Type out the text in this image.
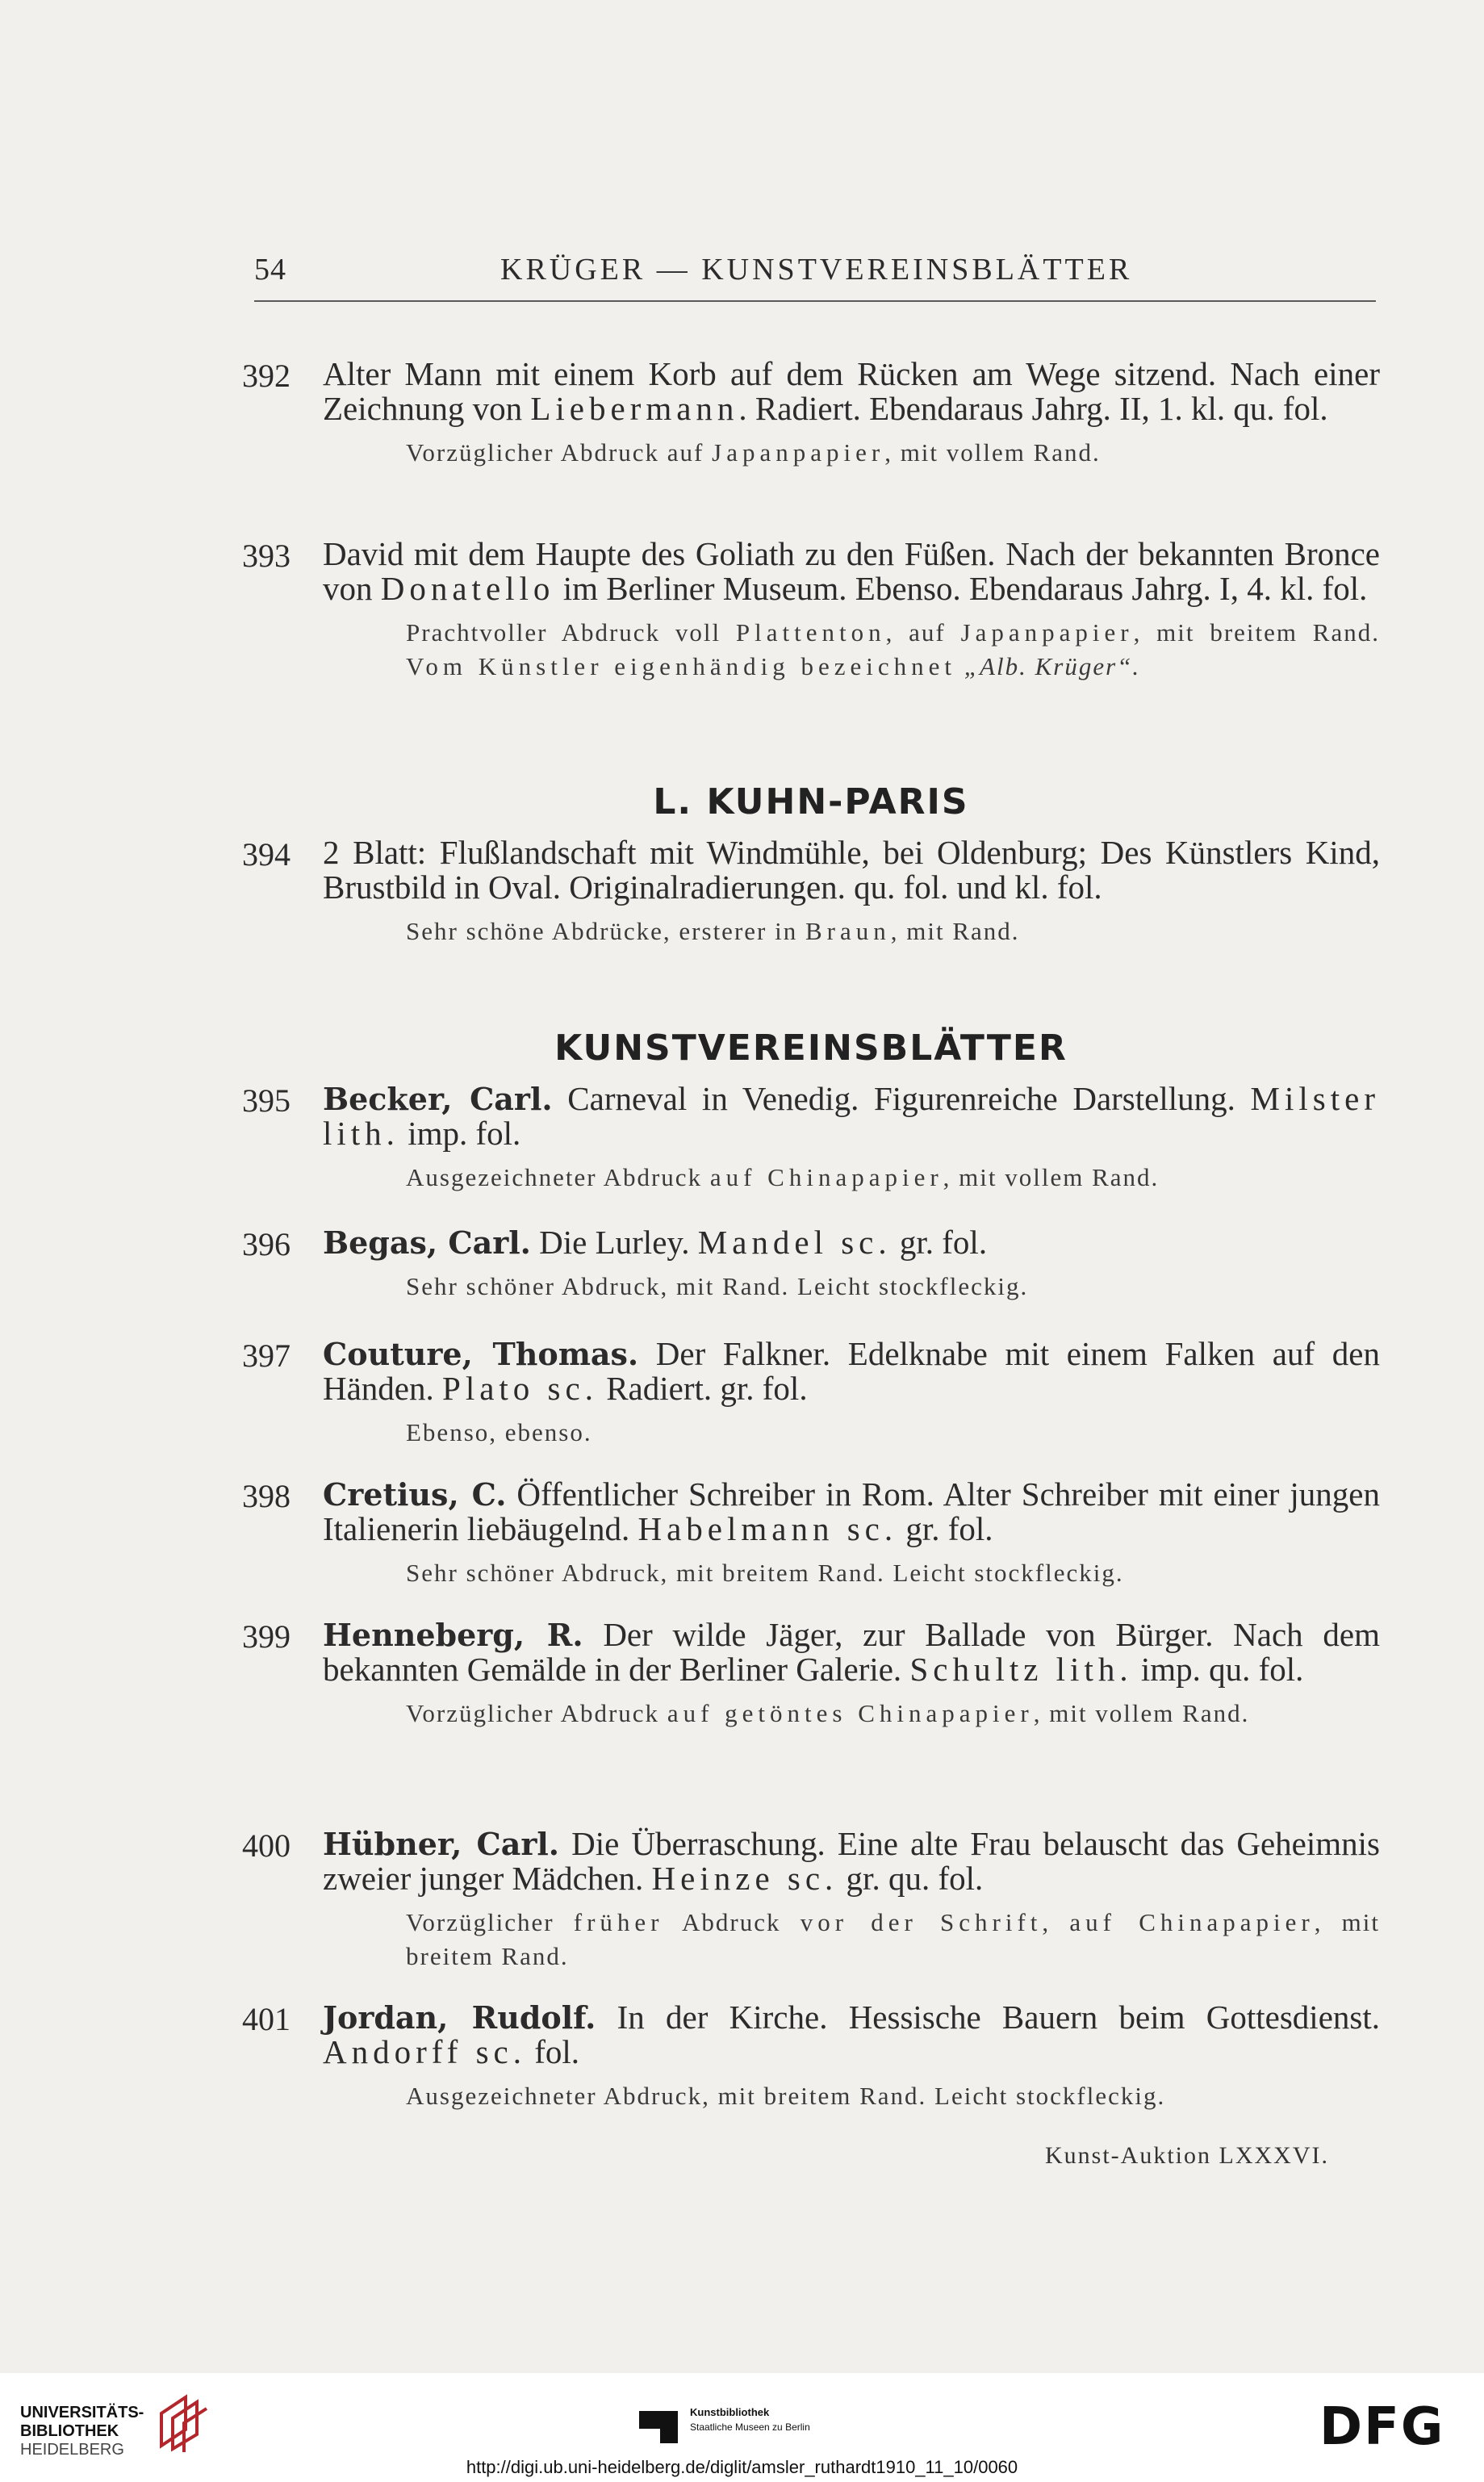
54	KRÜGER — KUNSTVEREINSBLÄTTER
392 Alter Mann mit einem Korb auf dem Rücken am Wege sitzend. Nach einer Zeichnung von Liebermann. Radiert. Ebendaraus Jahrg. II, 1. kl. qu. fol.
Vorzüglicher Abdruck auf Japanpapier, mit vollem Rand.
393 David mit dem Haupte des Goliath zu den Füßen. Nach der bekannten Bronce von Donatello im Berliner Museum. Ebenso. Ebendaraus Jahrg. I, 4. kl. fol.
Prachtvoller Abdruck voll Plattenton, auf Japanpapier, mit breitem Rand. Vom Künstler eigenhändig bezeichnet „Alb. Krüger“.
L. KUHN-PARIS
394 2 Blatt: Flußlandschaft mit Windmühle, bei Oldenburg; Des Künstlers Kind, Brustbild in Oval. Originalradierungen. qu. fol. und kl. fol.
Sehr schöne Abdrücke, ersterer in Braun, mit Rand.
KUNSTVEREINSBLÄTTER
395 Becker, Carl. Carneval in Venedig. Figurenreiche Darstellung. Milster lith. imp. fol.
Ausgezeichneter Abdruck auf Chinapapier, mit vollem Rand.
396 Begas, Carl. Die Lurley. Mandel sc. gr. fol.
Sehr schöner Abdruck, mit Rand. Leicht stockfleckig.
397 Couture, Thomas. Der Falkner. Edelknabe mit einem Falken auf den Händen. Plato sc. Radiert. gr. fol.
Ebenso, ebenso.
398 Cretius, C. Öffentlicher Schreiber in Rom. Alter Schreiber mit einer jungen Italienerin liebäugelnd. Habelmann sc. gr. fol.
Sehr schöner Abdruck, mit breitem Rand. Leicht stockfleckig.
399 Henneberg, R. Der wilde Jäger, zur Ballade von Bürger. Nach dem bekannten Gemälde in der Berliner Galerie. Schultz lith. imp. qu. fol.
Vorzüglicher Abdruck auf getöntes Chinapapier, mit vollem Rand.
400 Hübner, Carl. Die Überraschung. Eine alte Frau belauscht das Geheimnis zweier junger Mädchen. Heinze sc. gr. qu. fol.
Vorzüglicher früher Abdruck vor der Schrift, auf Chinapapier, mit breitem Rand.
401 Jordan, Rudolf. In der Kirche. Hessische Bauern beim Gottesdienst. Andorff sc. fol.
Ausgezeichneter Abdruck, mit breitem Rand. Leicht stockfleckig.
Kunst-Auktion LXXXVI.
UNIVERSITÄTS-
BIBLIOTHEK
HEIDELBERG
Kunstbibliothek
Staatliche Museen zu Berlin	DFG
http://digi.ub.uni-heidelberg.de/diglit/amsler_ruthardt1910_11_10/0060
